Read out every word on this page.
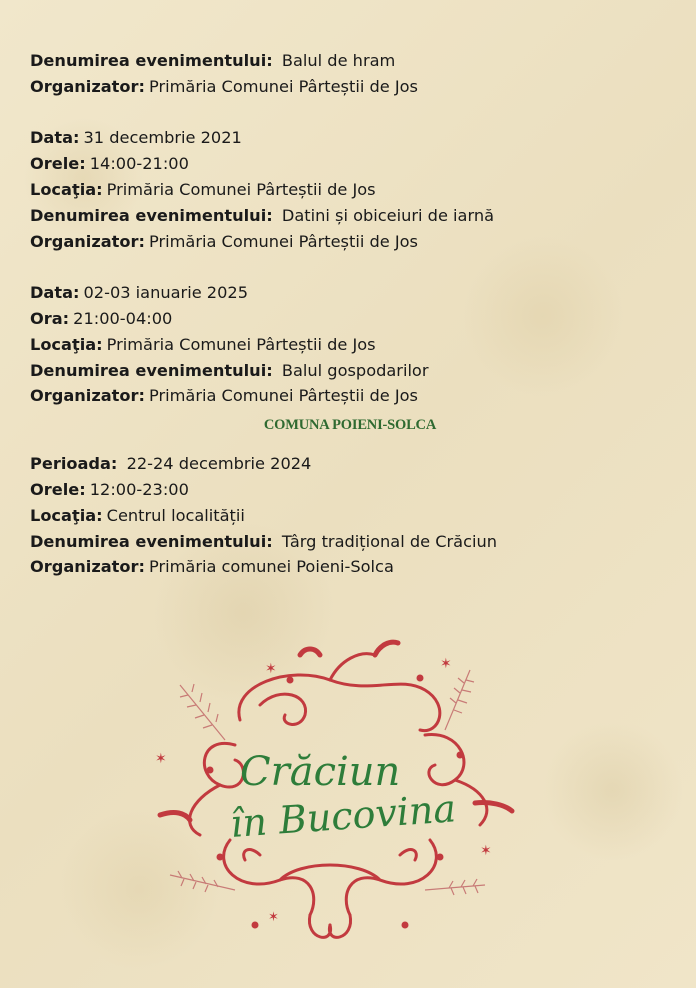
Denumirea evenimentului: Balul de hram
Organizator: Primăria Comunei Pârteștii de Jos
Data: 31 decembrie 2021
Orele: 14:00-21:00
Locaţia: Primăria Comunei Pârteștii de Jos
Denumirea evenimentului: Datini și obiceiuri de iarnă
Organizator: Primăria Comunei Pârteștii de Jos
Data: 02-03 ianuarie 2025
Ora: 21:00-04:00
Locaţia: Primăria Comunei Pârteștii de Jos
Denumirea evenimentului: Balul gospodarilor
Organizator: Primăria Comunei Pârteștii de Jos
COMUNA POIENI-SOLCA
Perioada: 22-24 decembrie 2024
Orele: 12:00-23:00
Locaţia: Centrul localității
Denumirea evenimentului: Târg tradițional de Crăciun
Organizator: Primăria comunei Poieni-Solca
✶	✶
✶
✶
✶
Crăciun
în Bucovina
